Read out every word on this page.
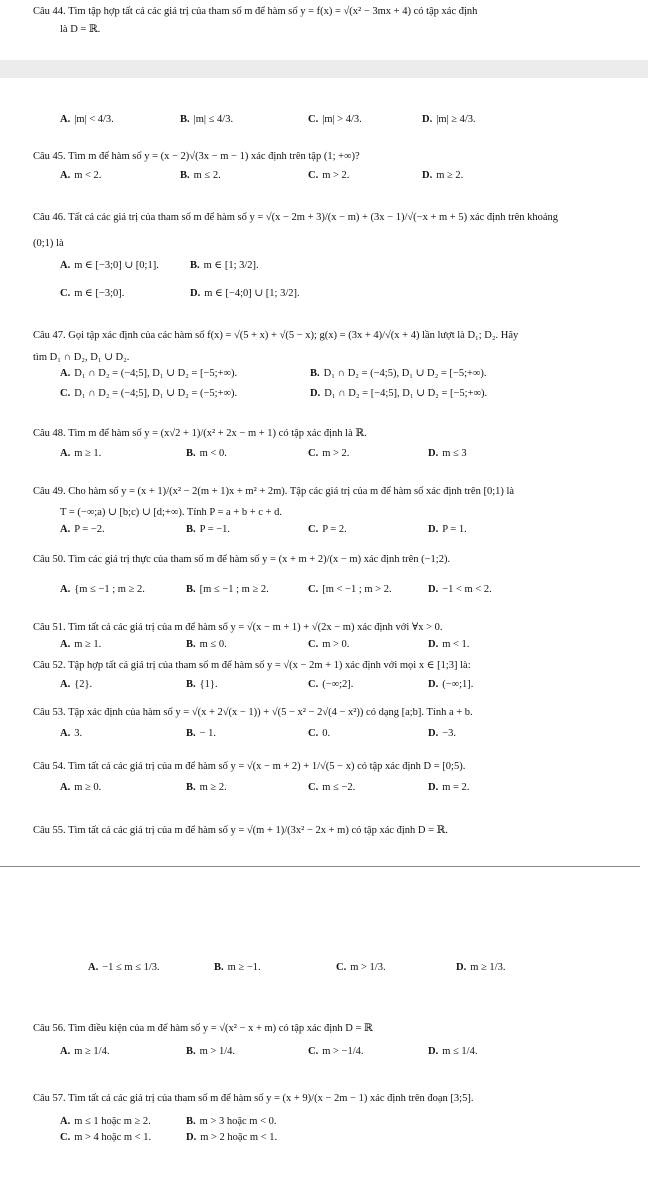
Câu 44. Tìm tập hợp tất cả các giá trị của tham số m để hàm số y = f(x) = √(x² − 3mx + 4) có tập xác định
là D = ℝ.
A. |m| < 4/3.	B. |m| ≤ 4/3.	C. |m| > 4/3.	D. |m| ≥ 4/3.
Câu 45. Tìm m để hàm số y = (x − 2)√(3x − m − 1) xác định trên tập (1; +∞)?
A. m < 2.	B. m ≤ 2.	C. m > 2.	D. m ≥ 2.
Câu 46. Tất cả các giá trị của tham số m để hàm số y = √(x − 2m + 3)/(x − m) + (3x − 1)/√(−x + m + 5) xác định trên khoảng
(0;1) là
A. m ∈ [−3;0] ∪ [0;1].	B. m ∈ [1; 3/2].
C. m ∈ [−3;0].	D. m ∈ [−4;0] ∪ [1; 3/2].
Câu 47. Gọi tập xác định của các hàm số f(x) = √(5 + x) + √(5 − x); g(x) = (3x + 4)/√(x + 4) lần lượt là D₁; D₂. Hãy
tìm D₁ ∩ D₂, D₁ ∪ D₂.
A. D₁ ∩ D₂ = (−4;5], D₁ ∪ D₂ = [−5;+∞).	B. D₁ ∩ D₂ = (−4;5), D₁ ∪ D₂ = [−5;+∞).
C. D₁ ∩ D₂ = (−4;5], D₁ ∪ D₂ = (−5;+∞).	D. D₁ ∩ D₂ = [−4;5], D₁ ∪ D₂ = [−5;+∞).
Câu 48. Tìm m để hàm số y = (x√2 + 1)/(x² + 2x − m + 1) có tập xác định là ℝ.
A. m ≥ 1.	B. m < 0.	C. m > 2.	D. m ≤ 3
Câu 49. Cho hàm số y = (x + 1)/(x² − 2(m + 1)x + m² + 2m). Tập các giá trị của m để hàm số xác định trên [0;1) là
T = (−∞;a) ∪ [b;c) ∪ [d;+∞). Tính P = a + b + c + d.
A. P = −2.	B. P = −1.	C. P = 2.	D. P = 1.
Câu 50. Tìm các giá trị thực của tham số m để hàm số y = (x + m + 2)/(x − m) xác định trên (−1;2).
A. {m ≤ −1 ; m ≥ 2.	B. [m ≤ −1 ; m ≥ 2.	C. [m < −1 ; m > 2.	D. −1 < m < 2.
Câu 51. Tìm tất cả các giá trị của m để hàm số y = √(x − m + 1) + √(2x − m) xác định với ∀x > 0.
A. m ≥ 1.	B. m ≤ 0.	C. m > 0.	D. m < 1.
Câu 52. Tập hợp tất cả giá trị của tham số m để hàm số y = √(x − 2m + 1) xác định với mọi x ∈ [1;3] là:
A. {2}.	B. {1}.	C. (−∞;2].	D. (−∞;1].
Câu 53. Tập xác định của hàm số y = √(x + 2√(x − 1)) + √(5 − x² − 2√(4 − x²)) có dạng [a;b]. Tính a + b.
A. 3.	B. − 1.	C. 0.	D. −3.
Câu 54. Tìm tất cả các giá trị của m để hàm số y = √(x − m + 2) + 1/√(5 − x) có tập xác định D = [0;5).
A. m ≥ 0.	B. m ≥ 2.	C. m ≤ −2.	D. m = 2.
Câu 55. Tìm tất cả các giá trị của m để hàm số y = √(m + 1)/(3x² − 2x + m) có tập xác định D = ℝ.
A. −1 ≤ m ≤ 1/3.	B. m ≥ −1.	C. m > 1/3.	D. m ≥ 1/3.
Câu 56. Tìm điều kiện của m để hàm số y = √(x² − x + m) có tập xác định D = ℝ
A. m ≥ 1/4.	B. m > 1/4.	C. m > −1/4.	D. m ≤ 1/4.
Câu 57. Tìm tất cả các giá trị của tham số m để hàm số y = (x + 9)/(x − 2m − 1) xác định trên đoạn [3;5].
A. m ≤ 1 hoặc m ≥ 2.	B. m > 3 hoặc m < 0.
C. m > 4 hoặc m < 1.	D. m > 2 hoặc m < 1.
